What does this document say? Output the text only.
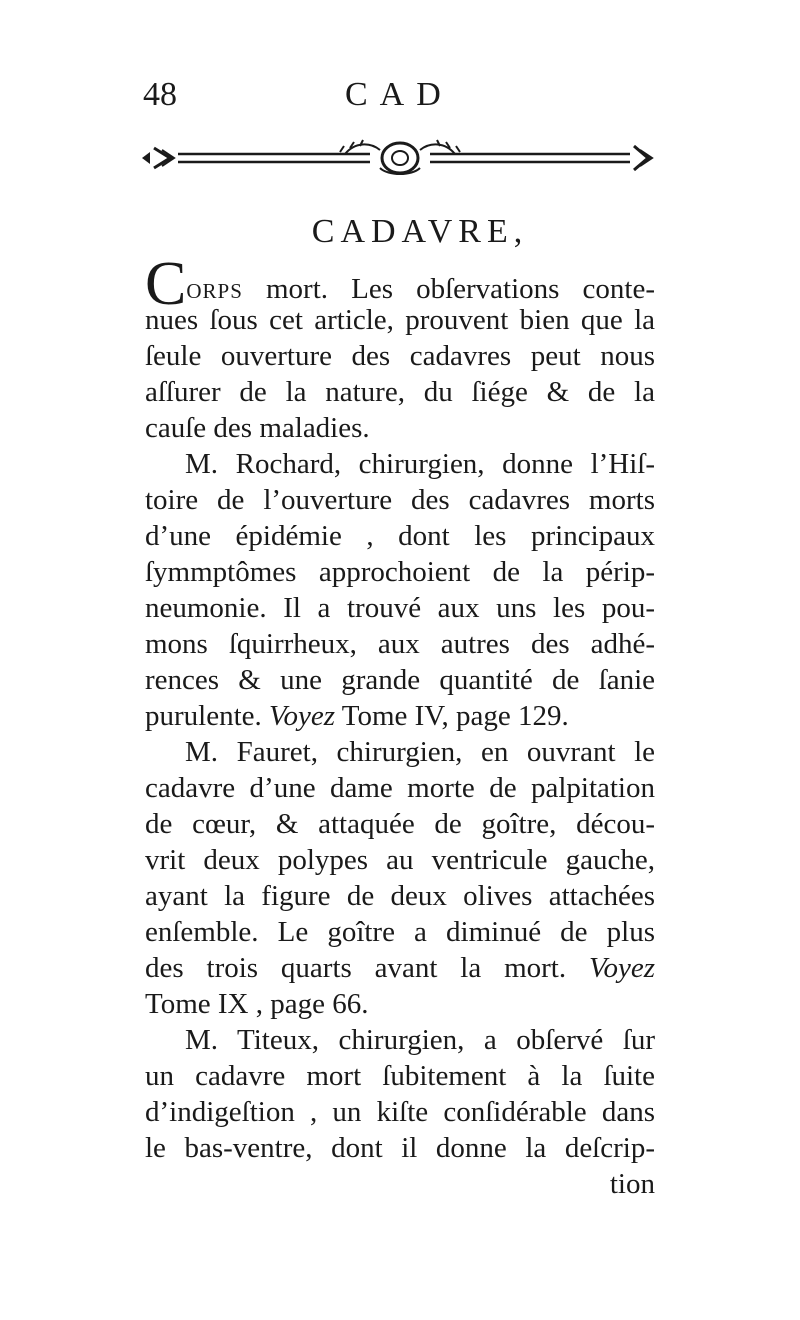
48	CAD
CADAVRE,
CORPS mort. Les obſervations conte-
nues ſous cet article, prouvent bien que la
ſeule ouverture des cadavres peut nous
aſſurer de la nature, du ſiége & de la
cauſe des maladies.
M. Rochard, chirurgien, donne l’Hiſ-
toire de l’ouverture des cadavres morts
d’une épidémie , dont les principaux
ſymmptômes approchoient de la périp-
neumonie. Il a trouvé aux uns les pou-
mons ſquirrheux, aux autres des adhé-
rences & une grande quantité de ſanie
purulente. Voyez Tome IV, page 129.
M. Fauret, chirurgien, en ouvrant le
cadavre d’une dame morte de palpitation
de cœur, & attaquée de goître, décou-
vrit deux polypes au ventricule gauche,
ayant la figure de deux olives attachées
enſemble. Le goître a diminué de plus
des trois quarts avant la mort. Voyez
Tome IX , page 66.
M. Titeux, chirurgien, a obſervé ſur
un cadavre mort ſubitement à la ſuite
d’indigeſtion , un kiſte conſidérable dans
le bas-ventre, dont il donne la deſcrip-
tion
